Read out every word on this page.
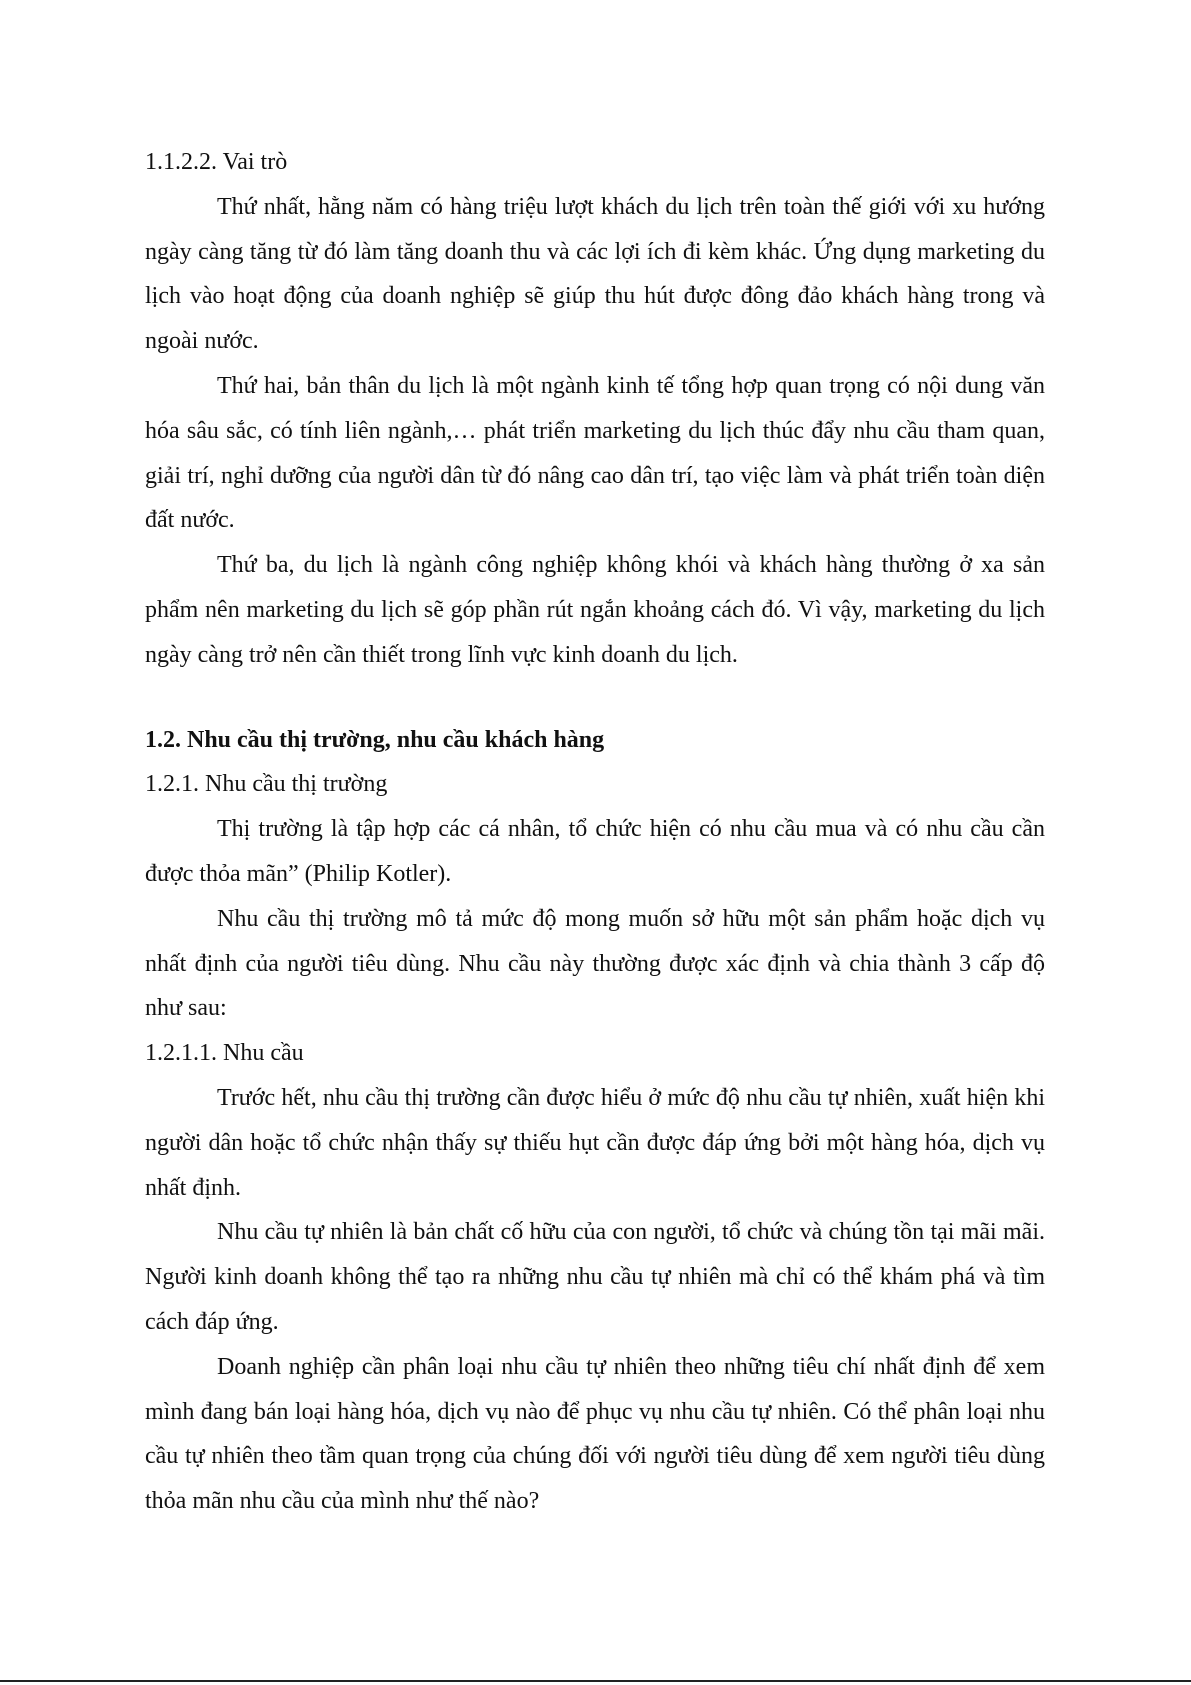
1.1.2.2. Vai trò

Thứ nhất, hằng năm có hàng triệu lượt khách du lịch trên toàn thế giới với xu hướng ngày càng tăng từ đó làm tăng doanh thu và các lợi ích đi kèm khác. Ứng dụng marketing du lịch vào hoạt động của doanh nghiệp sẽ giúp thu hút được đông đảo khách hàng trong và ngoài nước.

Thứ hai, bản thân du lịch là một ngành kinh tế tổng hợp quan trọng có nội dung văn hóa sâu sắc, có tính liên ngành,… phát triển marketing du lịch thúc đẩy nhu cầu tham quan, giải trí, nghỉ dưỡng của người dân từ đó nâng cao dân trí, tạo việc làm và phát triển toàn diện đất nước.

Thứ ba, du lịch là ngành công nghiệp không khói và khách hàng thường ở xa sản phẩm nên marketing du lịch sẽ góp phần rút ngắn khoảng cách đó. Vì vậy, marketing du lịch ngày càng trở nên cần thiết trong lĩnh vực kinh doanh du lịch.

1.2. Nhu cầu thị trường, nhu cầu khách hàng

1.2.1. Nhu cầu thị trường

Thị trường là tập hợp các cá nhân, tổ chức hiện có nhu cầu mua và có nhu cầu cần được thỏa mãn” (Philip Kotler).

Nhu cầu thị trường mô tả mức độ mong muốn sở hữu một sản phẩm hoặc dịch vụ nhất định của người tiêu dùng. Nhu cầu này thường được xác định và chia thành 3 cấp độ như sau:

1.2.1.1. Nhu cầu

Trước hết, nhu cầu thị trường cần được hiểu ở mức độ nhu cầu tự nhiên, xuất hiện khi người dân hoặc tổ chức nhận thấy sự thiếu hụt cần được đáp ứng bởi một hàng hóa, dịch vụ nhất định.

Nhu cầu tự nhiên là bản chất cố hữu của con người, tổ chức và chúng tồn tại mãi mãi. Người kinh doanh không thể tạo ra những nhu cầu tự nhiên mà chỉ có thể khám phá và tìm cách đáp ứng.

Doanh nghiệp cần phân loại nhu cầu tự nhiên theo những tiêu chí nhất định để xem mình đang bán loại hàng hóa, dịch vụ nào để phục vụ nhu cầu tự nhiên. Có thể phân loại nhu cầu tự nhiên theo tầm quan trọng của chúng đối với người tiêu dùng để xem người tiêu dùng thỏa mãn nhu cầu của mình như thế nào?
